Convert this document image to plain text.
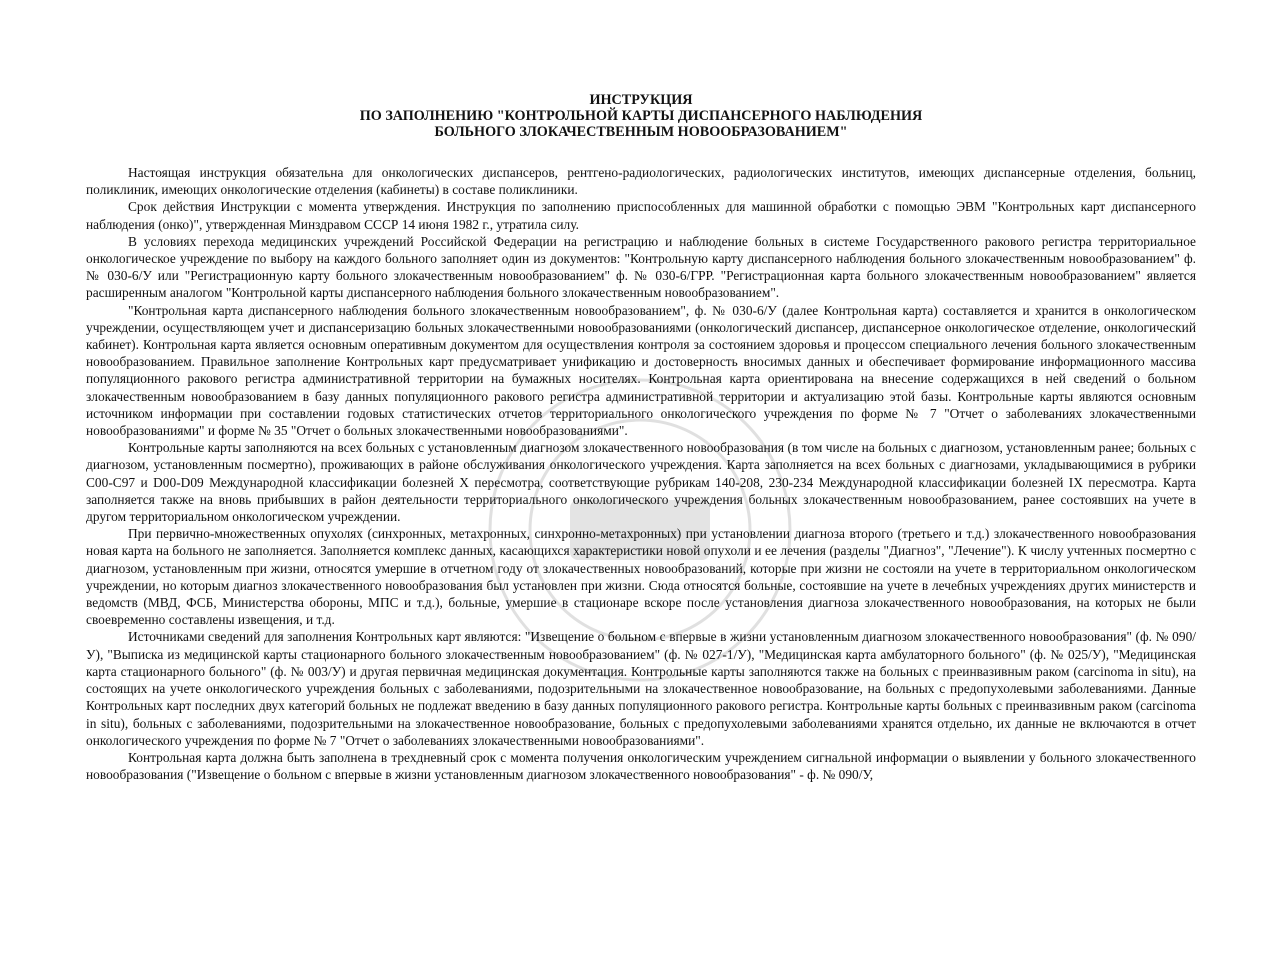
ИНСТРУКЦИЯ
ПО ЗАПОЛНЕНИЮ "КОНТРОЛЬНОЙ КАРТЫ ДИСПАНСЕРНОГО НАБЛЮДЕНИЯ
БОЛЬНОГО ЗЛОКАЧЕСТВЕННЫМ НОВООБРАЗОВАНИЕМ"

Настоящая инструкция обязательна для онкологических диспансеров, рентгено-радиологических, радиологических институтов, имеющих диспансерные отделения, больниц, поликлиник, имеющих онкологические отделения (кабинеты) в составе поликлиники.

Срок действия Инструкции с момента утверждения. Инструкция по заполнению приспособленных для машинной обработки с помощью ЭВМ "Контрольных карт диспансерного наблюдения (онко)", утвержденная Минздравом СССР 14 июня 1982 г., утратила силу.

В условиях перехода медицинских учреждений Российской Федерации на регистрацию и наблюдение больных в системе Государственного ракового регистра территориальное онкологическое учреждение по выбору на каждого больного заполняет один из документов: "Контрольную карту диспансерного наблюдения больного злокачественным новообразованием" ф. № 030-6/У или "Регистрационную карту больного злокачественным новообразованием" ф. № 030-6/ГРР. "Регистрационная карта больного злокачественным новообразованием" является расширенным аналогом "Контрольной карты диспансерного наблюдения больного злокачественным новообразованием".

"Контрольная карта диспансерного наблюдения больного злокачественным новообразованием", ф. № 030-6/У (далее Контрольная карта) составляется и хранится в онкологическом учреждении, осуществляющем учет и диспансеризацию больных злокачественными новообразованиями (онкологический диспансер, диспансерное онкологическое отделение, онкологический кабинет). Контрольная карта является основным оперативным документом для осуществления контроля за состоянием здоровья и процессом специального лечения больного злокачественным новообразованием. Правильное заполнение Контрольных карт предусматривает унификацию и достоверность вносимых данных и обеспечивает формирование информационного массива популяционного ракового регистра административной территории на бумажных носителях. Контрольная карта ориентирована на внесение содержащихся в ней сведений о больном злокачественным новообразованием в базу данных популяционного ракового регистра административной территории и актуализацию этой базы. Контрольные карты являются основным источником информации при составлении годовых статистических отчетов территориального онкологического учреждения по форме № 7 "Отчет о заболеваниях злокачественными новообразованиями" и форме № 35 "Отчет о больных злокачественными новообразованиями".

Контрольные карты заполняются на всех больных с установленным диагнозом злокачественного новообразования (в том числе на больных с диагнозом, установленным ранее; больных с диагнозом, установленным посмертно), проживающих в районе обслуживания онкологического учреждения. Карта заполняется на всех больных с диагнозами, укладывающимися в рубрики С00-С97 и D00-D09 Международной классификации болезней X пересмотра, соответствующие рубрикам 140-208, 230-234 Международной классификации болезней IX пересмотра. Карта заполняется также на вновь прибывших в район деятельности территориального онкологического учреждения больных злокачественным новообразованием, ранее состоявших на учете в другом территориальном онкологическом учреждении.

При первично-множественных опухолях (синхронных, метахронных, синхронно-метахронных) при установлении диагноза второго (третьего и т.д.) злокачественного новообразования новая карта на больного не заполняется. Заполняется комплекс данных, касающихся характеристики новой опухоли и ее лечения (разделы "Диагноз", "Лечение"). К числу учтенных посмертно с диагнозом, установленным при жизни, относятся умершие в отчетном году от злокачественных новообразований, которые при жизни не состояли на учете в территориальном онкологическом учреждении, но которым диагноз злокачественного новообразования был установлен при жизни. Сюда относятся больные, состоявшие на учете в лечебных учреждениях других министерств и ведомств (МВД, ФСБ, Министерства обороны, МПС и т.д.), больные, умершие в стационаре вскоре после установления диагноза злокачественного новообразования, на которых не были своевременно составлены извещения, и т.д.

Источниками сведений для заполнения Контрольных карт являются: "Извещение о больном с впервые в жизни установленным диагнозом злокачественного новообразования" (ф. № 090/У), "Выписка из медицинской карты стационарного больного злокачественным новообразованием" (ф. № 027-1/У), "Медицинская карта амбулаторного больного" (ф. № 025/У), "Медицинская карта стационарного больного" (ф. № 003/У) и другая первичная медицинская документация. Контрольные карты заполняются также на больных с преинвазивным раком (carcinoma in situ), на состоящих на учете онкологического учреждения больных с заболеваниями, подозрительными на злокачественное новообразование, на больных с предопухолевыми заболеваниями. Данные Контрольных карт последних двух категорий больных не подлежат введению в базу данных популяционного ракового регистра. Контрольные карты больных с преинвазивным раком (carcinoma in situ), больных с заболеваниями, подозрительными на злокачественное новообразование, больных с предопухолевыми заболеваниями хранятся отдельно, их данные не включаются в отчет онкологического учреждения по форме № 7 "Отчет о заболеваниях злокачественными новообразованиями".

Контрольная карта должна быть заполнена в трехдневный срок с момента получения онкологическим учреждением сигнальной информации о выявлении у больного злокачественного новообразования ("Извещение о больном с впервые в жизни установленным диагнозом злокачественного новообразования" - ф. № 090/У,
